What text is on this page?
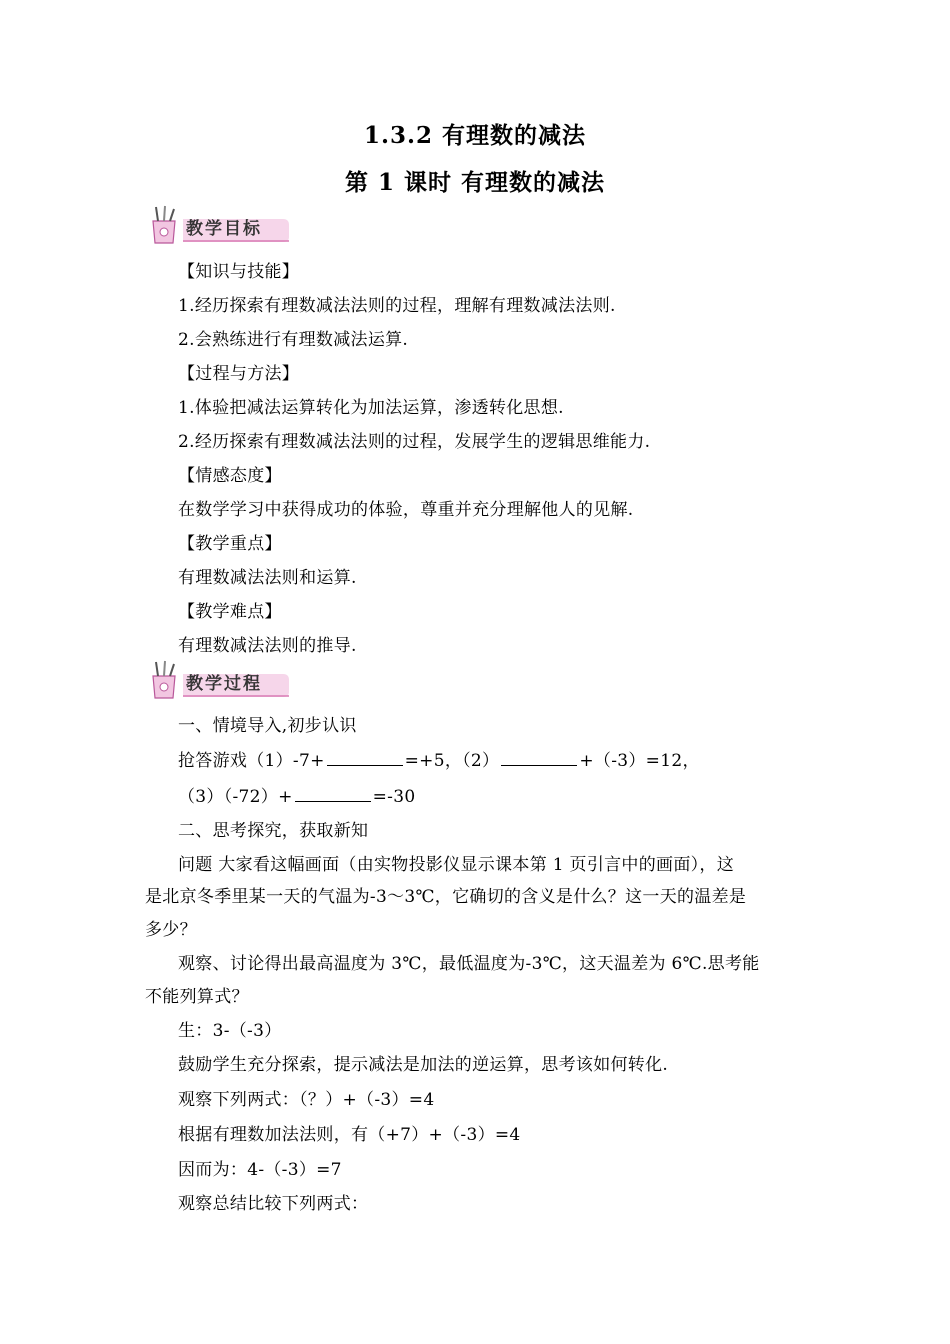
1.3.2 有理数的减法
第 1 课时 有理数的减法
教学目标
【知识与技能】
1.经历探索有理数减法法则的过程，理解有理数减法法则.
2.会熟练进行有理数减法运算.
【过程与方法】
1.体验把减法运算转化为加法运算，渗透转化思想.
2.经历探索有理数减法法则的过程，发展学生的逻辑思维能力.
【情感态度】
在数学学习中获得成功的体验，尊重并充分理解他人的见解.
【教学重点】
有理数减法法则和运算.
【教学难点】
有理数减法法则的推导.
教学过程
一、情境导入,初步认识
抢答游戏（1）-7+	=+5，（2）	+（-3）=12，
（3）（-72）+	=-30
二、思考探究，获取新知
问题 大家看这幅画面（由实物投影仪显示课本第 1 页引言中的画面），这
是北京冬季里某一天的气温为-3～3℃，它确切的含义是什么？这一天的温差是
多少？
观察、讨论得出最高温度为 3℃，最低温度为-3℃，这天温差为 6℃.思考能
不能列算式？
生：3-（-3）
鼓励学生充分探索，提示减法是加法的逆运算，思考该如何转化.
观察下列两式：（？）+（-3）=4
根据有理数加法法则，有（+7）+（-3）=4
因而为：4-（-3）=7
观察总结比较下列两式：
